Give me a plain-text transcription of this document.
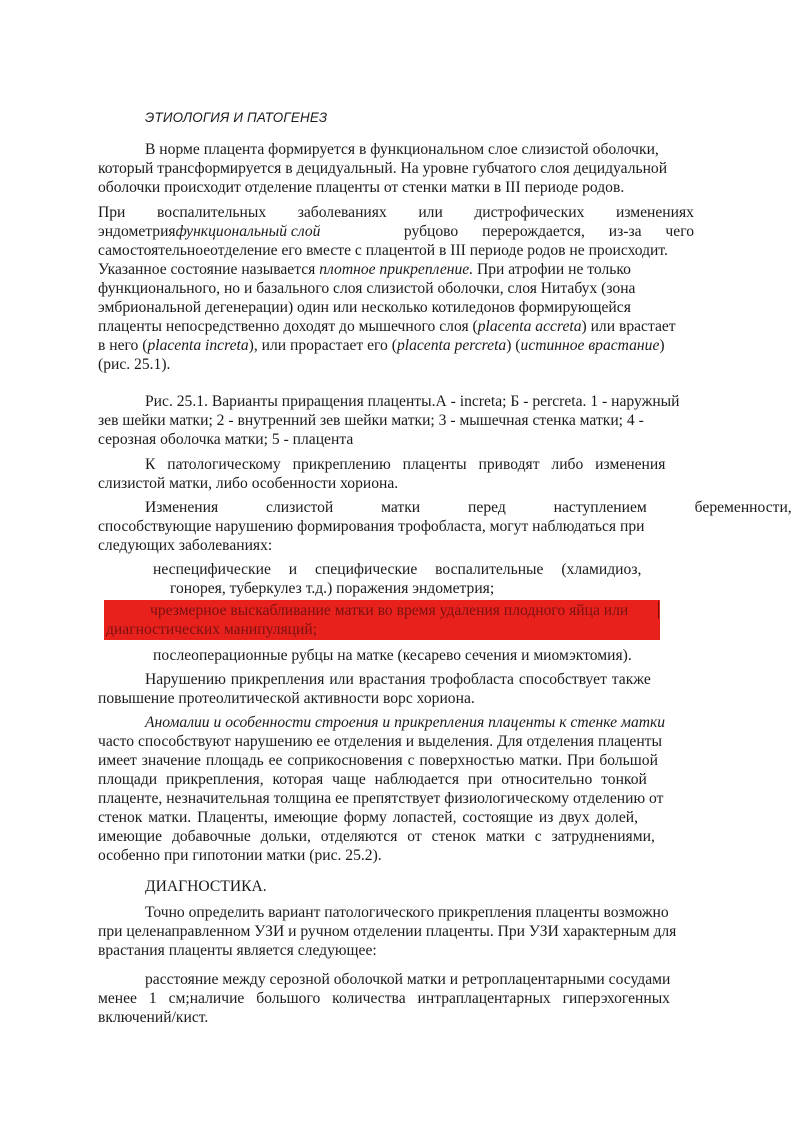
ЭТИОЛОГИЯ И ПАТОГЕНЕЗ
В норме плацента формируется в функциональном слое слизистой оболочки,
который трансформируется в децидуальный. На уровне губчатого слоя децидуальной
оболочки происходит отделение плаценты от стенки матки в III периоде родов.
При воспалительных заболеваниях или дистрофических изменениях
эндометрияфункциональный слой	рубцово перерождается, из-за чего
самостоятельноеотделение его вместе с плацентой в III периоде родов не происходит.
Указанное состояние называется плотное прикрепление. При атрофии не только
функционального, но и базального слоя слизистой оболочки, слоя Нитабух (зона
эмбриональной дегенерации) один или несколько котиледонов формирующейся
плаценты непосредственно доходят до мышечного слоя (placenta accreta) или врастает
в него (placenta increta), или прорастает его (placenta percreta) (истинное врастание)
(рис. 25.1).
Рис. 25.1. Варианты приращения плаценты.А - increta; Б - percreta. 1 - наружный
зев шейки матки; 2 - внутренний зев шейки матки; 3 - мышечная стенка матки; 4 -
серозная оболочка матки; 5 - плацента
К патологическому прикреплению плаценты приводят либо изменения
слизистой матки, либо особенности хориона.
Изменения слизистой матки перед наступлением беременности,
способствующие нарушению формирования трофобласта, могут наблюдаться при
следующих заболеваниях:
неспецифические и специфические воспалительные (хламидиоз,
гонорея, туберкулез т.д.) поражения эндометрия;
чрезмерное выскабливание матки во время удаления плодного яйца или
диагностических манипуляций;
послеоперационные рубцы на матке (кесарево сечения и миомэктомия).
Нарушению прикрепления или врастания трофобласта способствует также
повышение протеолитической активности ворс хориона.
Аномалии и особенности строения и прикрепления плаценты к стенке матки
часто способствуют нарушению ее отделения и выделения. Для отделения плаценты
имеет значение площадь ее соприкосновения с поверхностью матки. При большой
площади прикрепления, которая чаще наблюдается при относительно тонкой
плаценте, незначительная толщина ее препятствует физиологическому отделению от
стенок матки. Плаценты, имеющие форму лопастей, состоящие из двух долей,
имеющие добавочные дольки, отделяются от стенок матки с затруднениями,
особенно при гипотонии матки (рис. 25.2).
ДИАГНОСТИКА.
Точно определить вариант патологического прикрепления плаценты возможно
при целенаправленном УЗИ и ручном отделении плаценты. При УЗИ характерным для
врастания плаценты является следующее:
расстояние между серозной оболочкой матки и ретроплацентарными сосудами
менее 1 см;наличие большого количества интраплацентарных гиперэхогенных
включений/кист.
